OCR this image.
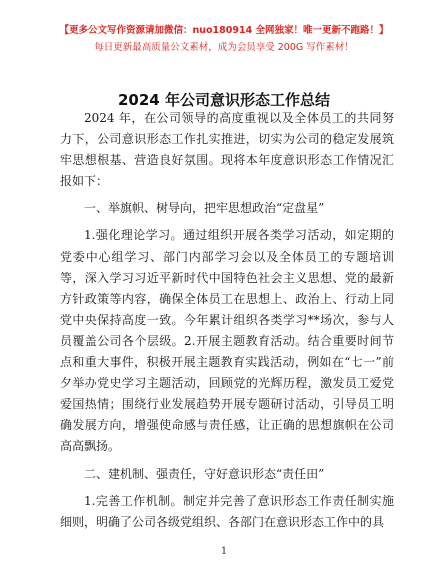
【更多公文写作资源请加微信：nuo180914 全网独家！唯一更新不跑路！】
每日更新最高质量公文素材，成为会员享受 200G 写作素材！
2024 年公司意识形态工作总结

2024 年，在公司领导的高度重视以及全体员工的共同努力下，公司意识形态工作扎实推进，切实为公司的稳定发展筑牢思想根基、营造良好氛围。现将本年度意识形态工作情况汇报如下：

一、举旗帜、树导向，把牢思想政治“定盘星”

1.强化理论学习。通过组织开展各类学习活动，如定期的党委中心组学习、部门内部学习会以及全体员工的专题培训等，深入学习习近平新时代中国特色社会主义思想、党的最新方针政策等内容，确保全体员工在思想上、政治上、行动上同党中央保持高度一致。今年累计组织各类学习**场次，参与人员覆盖公司各个层级。2.开展主题教育活动。结合重要时间节点和重大事件，积极开展主题教育实践活动，例如在“七一”前夕举办党史学习主题活动，回顾党的光辉历程，激发员工爱党爱国热情；围绕行业发展趋势开展专题研讨活动，引导员工明确发展方向，增强使命感与责任感，让正确的思想旗帜在公司高高飘扬。

二、建机制、强责任，守好意识形态“责任田”

1.完善工作机制。制定并完善了意识形态工作责任制实施细则，明确了公司各级党组织、各部门在意识形态工作中的具

1
